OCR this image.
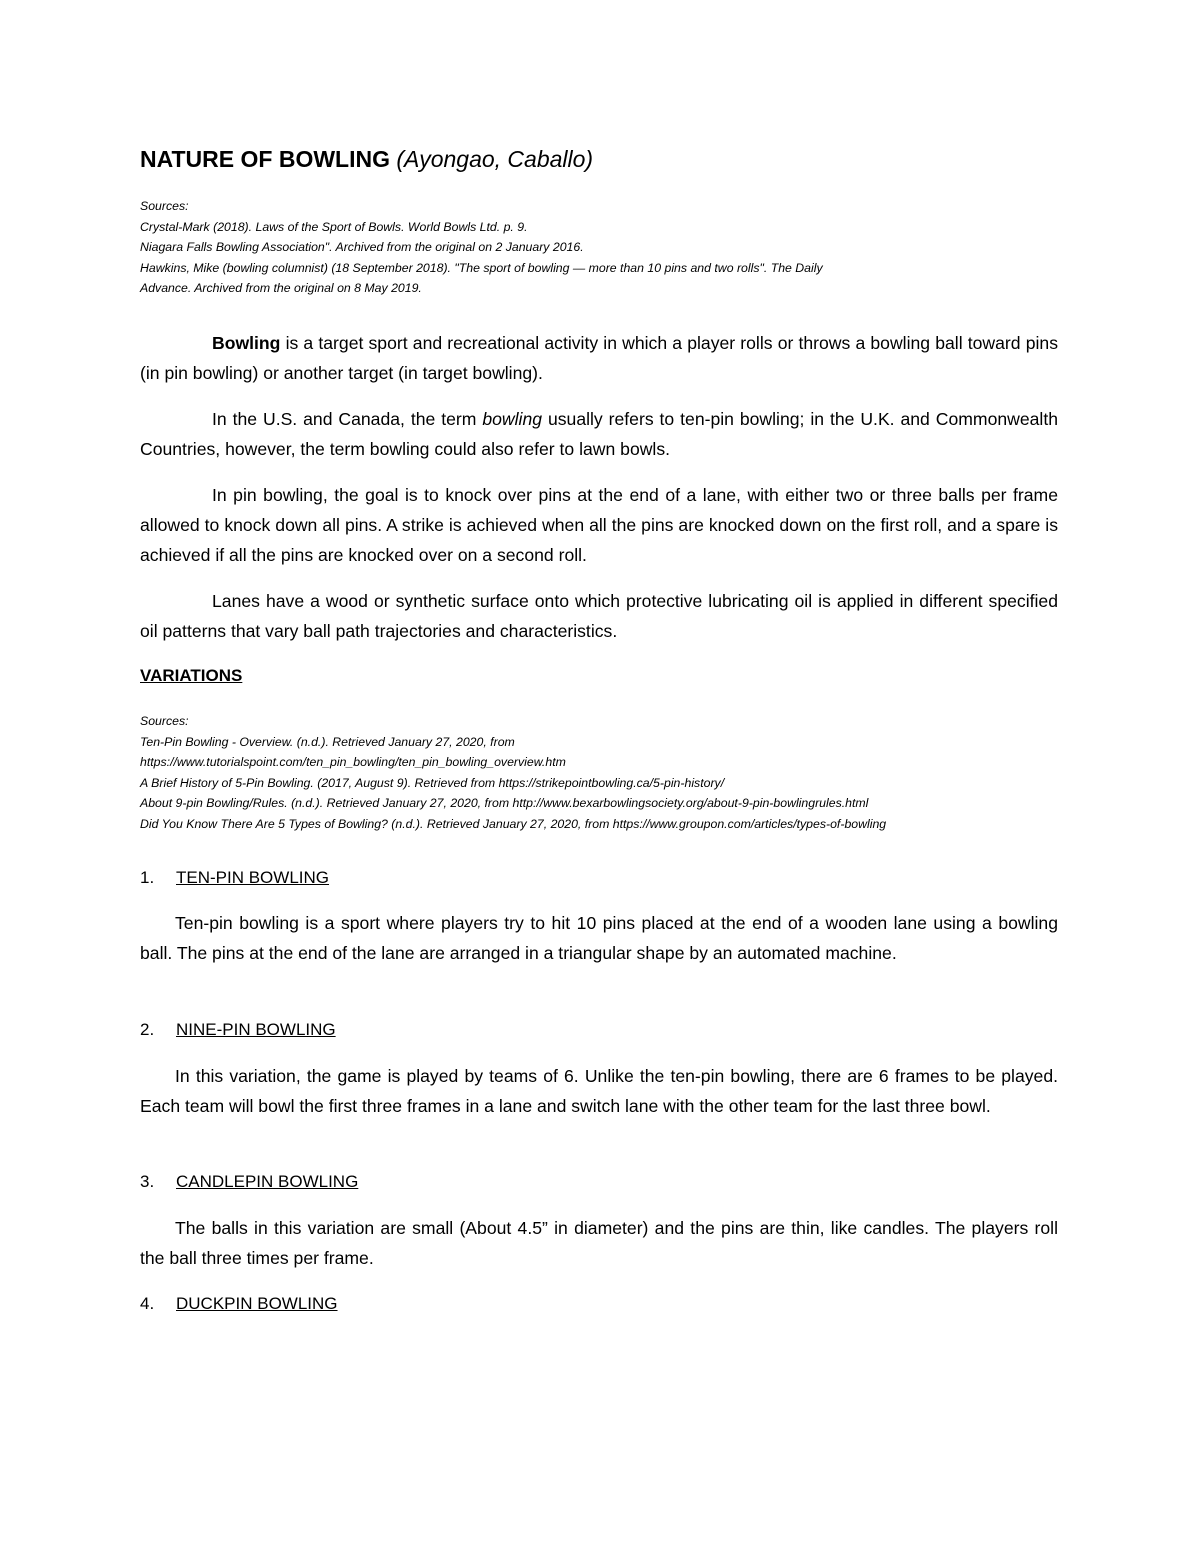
NATURE OF BOWLING (Ayongao, Caballo)
Sources:
Crystal-Mark (2018). Laws of the Sport of Bowls. World Bowls Ltd. p. 9.
Niagara Falls Bowling Association". Archived from the original on 2 January 2016.
Hawkins, Mike (bowling columnist) (18 September 2018). "The sport of bowling — more than 10 pins and two rolls". The Daily
Advance. Archived from the original on 8 May 2019.
Bowling is a target sport and recreational activity in which a player rolls or throws a bowling ball toward pins (in pin bowling) or another target (in target bowling).
In the U.S. and Canada, the term bowling usually refers to ten-pin bowling; in the U.K. and Commonwealth Countries, however, the term bowling could also refer to lawn bowls.
In pin bowling, the goal is to knock over pins at the end of a lane, with either two or three balls per frame allowed to knock down all pins. A strike is achieved when all the pins are knocked down on the first roll, and a spare is achieved if all the pins are knocked over on a second roll.
Lanes have a wood or synthetic surface onto which protective lubricating oil is applied in different specified oil patterns that vary ball path trajectories and characteristics.
VARIATIONS
Sources:
Ten-Pin Bowling - Overview. (n.d.). Retrieved January 27, 2020, from
https://www.tutorialspoint.com/ten_pin_bowling/ten_pin_bowling_overview.htm
A Brief History of 5-Pin Bowling. (2017, August 9). Retrieved from https://strikepointbowling.ca/5-pin-history/
About 9-pin Bowling/Rules. (n.d.). Retrieved January 27, 2020, from http://www.bexarbowlingsociety.org/about-9-pin-bowlingrules.html
Did You Know There Are 5 Types of Bowling? (n.d.). Retrieved January 27, 2020, from https://www.groupon.com/articles/types-of-bowling
1. TEN-PIN BOWLING
Ten-pin bowling is a sport where players try to hit 10 pins placed at the end of a wooden lane using a bowling ball. The pins at the end of the lane are arranged in a triangular shape by an automated machine.
2. NINE-PIN BOWLING
In this variation, the game is played by teams of 6. Unlike the ten-pin bowling, there are 6 frames to be played. Each team will bowl the first three frames in a lane and switch lane with the other team for the last three bowl.
3. CANDLEPIN BOWLING
The balls in this variation are small (About 4.5” in diameter) and the pins are thin, like candles. The players roll the ball three times per frame.
4. DUCKPIN BOWLING
